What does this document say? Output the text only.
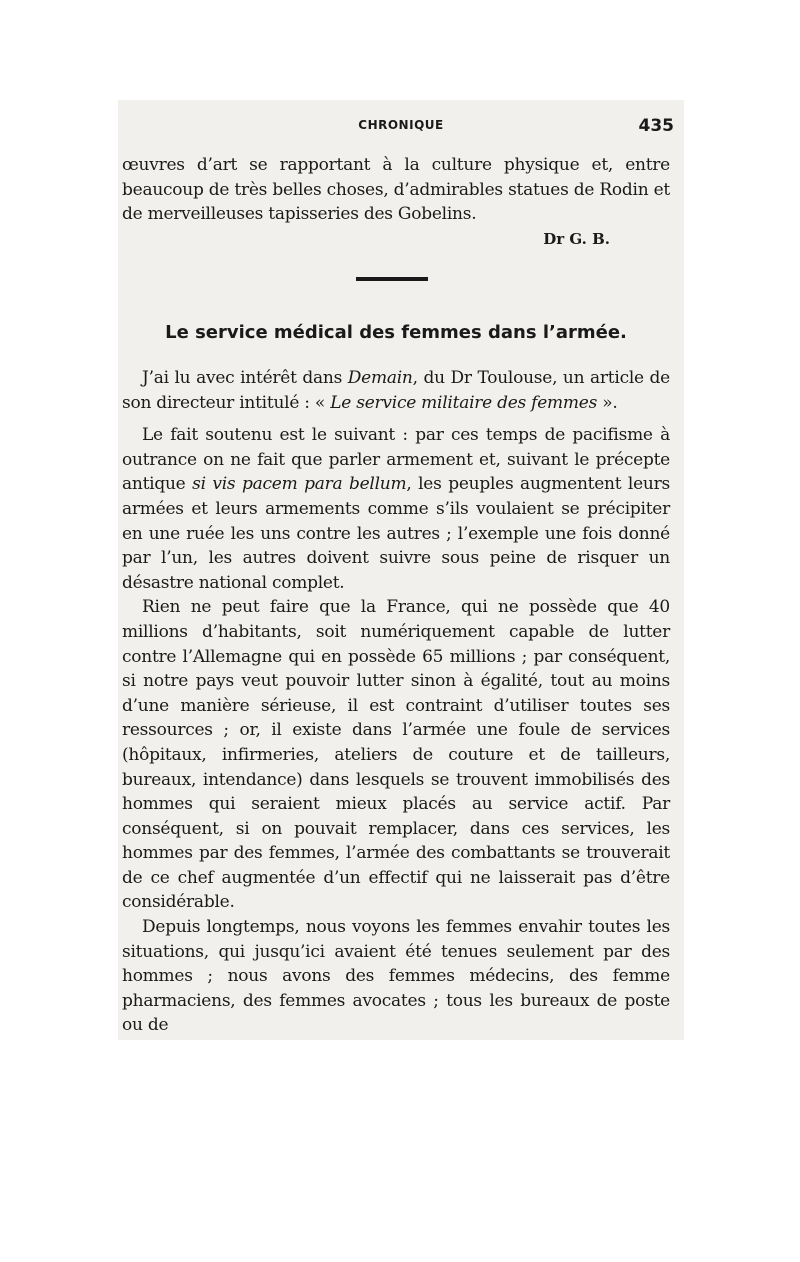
CHRONIQUE	435

œuvres d’art se rapportant à la culture physique et, entre beaucoup de très belles choses, d’admirables statues de Rodin et de merveilleuses tapisseries des Gobelins.

Dr G. B.
Le service médical des femmes dans l’armée.

J’ai lu avec intérêt dans Demain, du Dr Toulouse, un article de son directeur intitulé : « Le service militaire des femmes ».

Le fait soutenu est le suivant : par ces temps de pacifisme à outrance on ne fait que parler armement et, suivant le précepte antique si vis pacem para bellum, les peuples augmentent leurs armées et leurs armements comme s’ils voulaient se précipiter en une ruée les uns contre les autres ; l’exemple une fois donné par l’un, les autres doivent suivre sous peine de risquer un désastre national complet.

Rien ne peut faire que la France, qui ne possède que 40 millions d’habitants, soit numériquement capable de lutter contre l’Allemagne qui en possède 65 millions ; par conséquent, si notre pays veut pouvoir lutter sinon à égalité, tout au moins d’une manière sérieuse, il est contraint d’utiliser toutes ses ressources ; or, il existe dans l’armée une foule de services (hôpitaux, infirmeries, ateliers de couture et de tailleurs, bureaux, intendance) dans lesquels se trouvent immobilisés des hommes qui seraient mieux placés au service actif. Par conséquent, si on pouvait remplacer, dans ces services, les hommes par des femmes, l’armée des combattants se trouverait de ce chef augmentée d’un effectif qui ne laisserait pas d’être considérable.

Depuis longtemps, nous voyons les femmes envahir toutes les situations, qui jusqu’ici avaient été tenues seulement par des hommes ; nous avons des femmes médecins, des femme pharmaciens, des femmes avocates ; tous les bureaux de poste ou de
